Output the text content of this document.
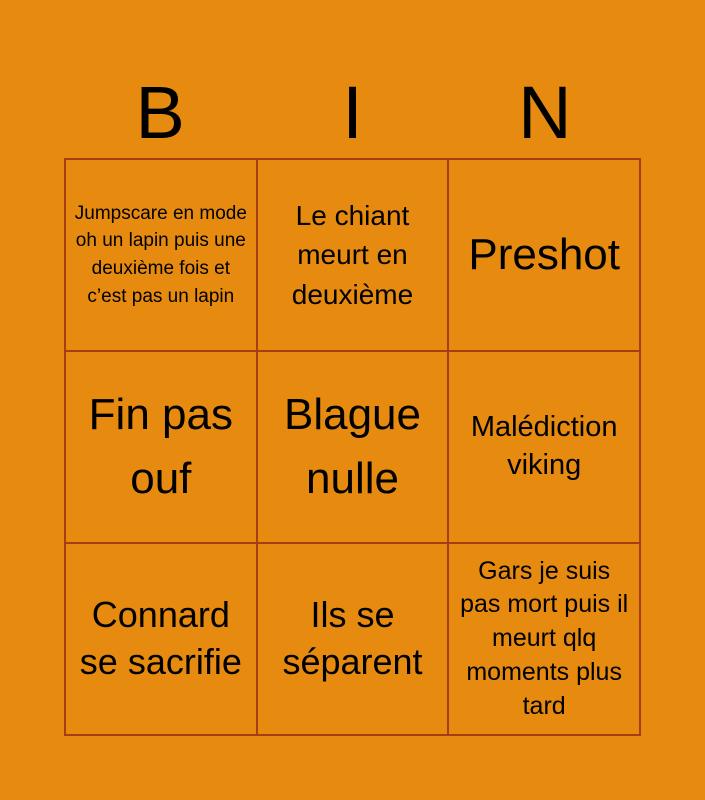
B	I	N
Jumpscare en mode oh un lapin puis une deuxième fois et c’est pas un lapin
Le chiant meurt en deuxième
Preshot
Fin pas ouf
Blague nulle
Malédiction viking
Connard se sacrifie
Ils se séparent
Gars je suis pas mort puis il meurt qlq moments plus tard
